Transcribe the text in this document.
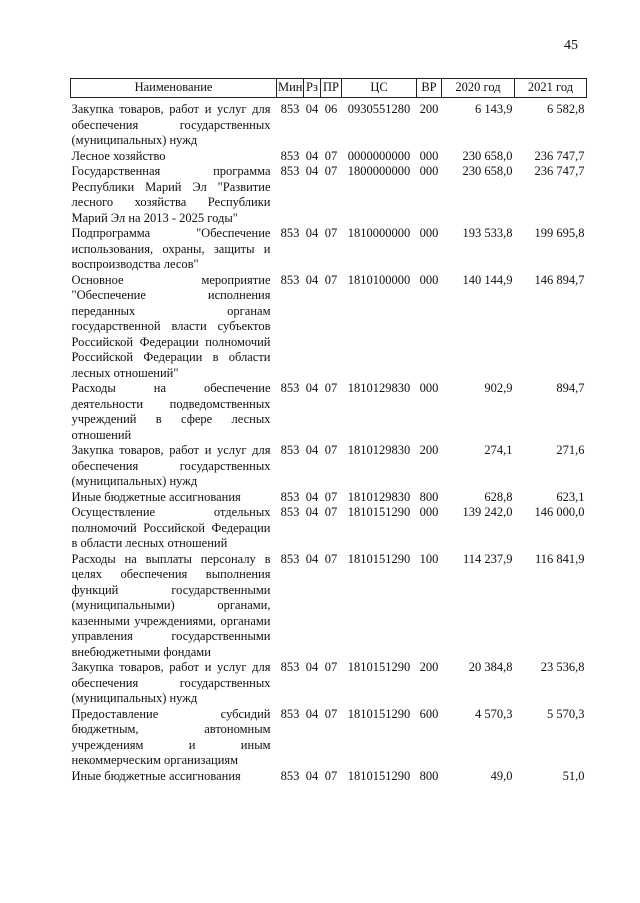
45
Наименование	Мин	Рз	ПР	ЦС	ВР	2020 год	2021 год
Закупка товаров, работ и услуг для обеспечения государственных (муниципальных) нужд	853	04	06	0930551280	200	6 143,9	6 582,8
Лесное хозяйство	853	04	07	0000000000	000	230 658,0	236 747,7
Государственная программа Республики Марий Эл "Развитие лесного хозяйства Республики Марий Эл на 2013 - 2025 годы"	853	04	07	1800000000	000	230 658,0	236 747,7
Подпрограмма "Обеспечение использования, охраны, защиты и воспроизводства лесов"	853	04	07	1810000000	000	193 533,8	199 695,8
Основное мероприятие "Обеспечение исполнения переданных органам государственной власти субъектов Российской Федерации полномочий Российской Федерации в области лесных отношений"	853	04	07	1810100000	000	140 144,9	146 894,7
Расходы на обеспечение деятельности подведомственных учреждений в сфере лесных отношений	853	04	07	1810129830	000	902,9	894,7
Закупка товаров, работ и услуг для обеспечения государственных (муниципальных) нужд	853	04	07	1810129830	200	274,1	271,6
Иные бюджетные ассигнования	853	04	07	1810129830	800	628,8	623,1
Осуществление отдельных полномочий Российской Федерации в области лесных отношений	853	04	07	1810151290	000	139 242,0	146 000,0
Расходы на выплаты персоналу в целях обеспечения выполнения функций государственными (муниципальными) органами, казенными учреждениями, органами управления государственными внебюджетными фондами	853	04	07	1810151290	100	114 237,9	116 841,9
Закупка товаров, работ и услуг для обеспечения государственных (муниципальных) нужд	853	04	07	1810151290	200	20 384,8	23 536,8
Предоставление субсидий бюджетным, автономным учреждениям и иным некоммерческим организациям	853	04	07	1810151290	600	4 570,3	5 570,3
Иные бюджетные ассигнования	853	04	07	1810151290	800	49,0	51,0
